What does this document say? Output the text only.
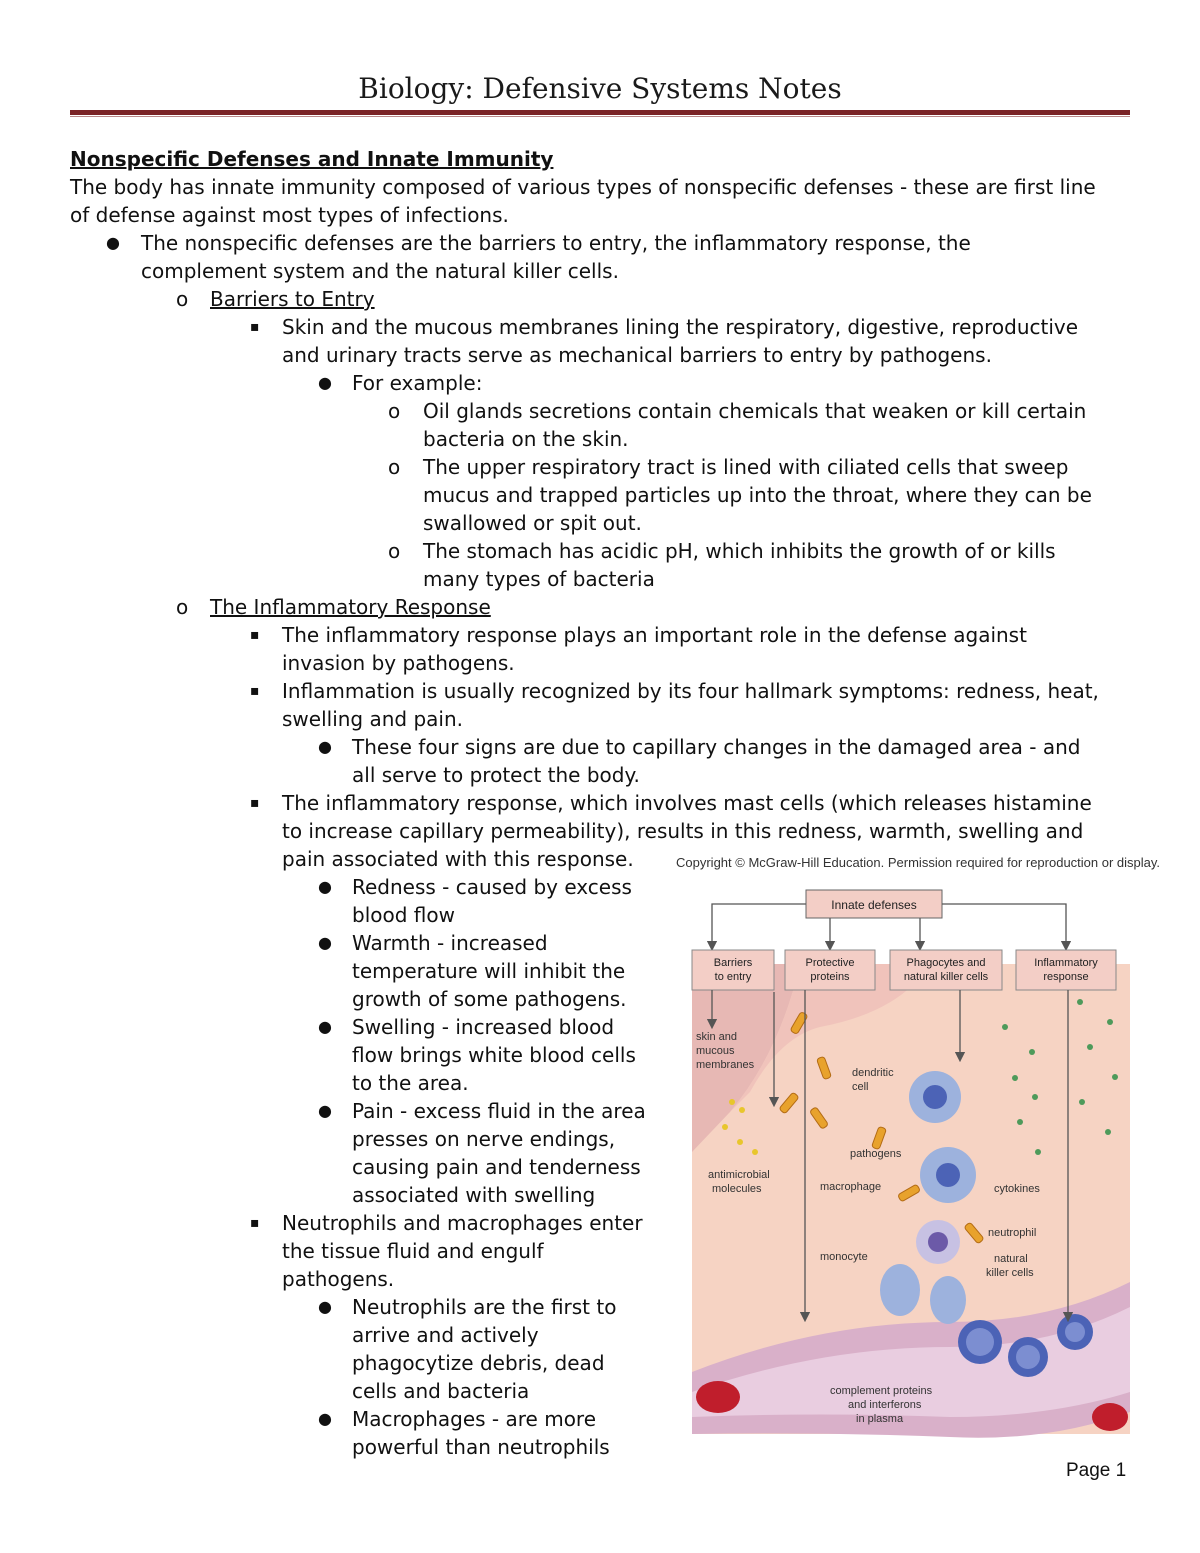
Biology: Defensive Systems Notes
Nonspecific Defenses and Innate Immunity
The body has innate immunity composed of various types of nonspecific defenses - these are first line
of defense against most types of infections.
● The nonspecific defenses are the barriers to entry, the inflammatory response, the
complement system and the natural killer cells.
o Barriers to Entry
▪ Skin and the mucous membranes lining the respiratory, digestive, reproductive
and urinary tracts serve as mechanical barriers to entry by pathogens.
● For example:
o Oil glands secretions contain chemicals that weaken or kill certain
bacteria on the skin.
o The upper respiratory tract is lined with ciliated cells that sweep
mucus and trapped particles up into the throat, where they can be
swallowed or spit out.
o The stomach has acidic pH, which inhibits the growth of or kills
many types of bacteria
o The Inflammatory Response
▪ The inflammatory response plays an important role in the defense against
invasion by pathogens.
▪ Inflammation is usually recognized by its four hallmark symptoms: redness, heat,
swelling and pain.
● These four signs are due to capillary changes in the damaged area - and
all serve to protect the body.
▪ The inflammatory response, which involves mast cells (which releases histamine
to increase capillary permeability), results in this redness, warmth, swelling and
pain associated with this response.
● Redness - caused by excess
blood flow
● Warmth - increased
temperature will inhibit the
growth of some pathogens.
● Swelling - increased blood
flow brings white blood cells
to the area.
● Pain - excess fluid in the area
presses on nerve endings,
causing pain and tenderness
associated with swelling
▪ Neutrophils and macrophages enter
the tissue fluid and engulf
pathogens.
● Neutrophils are the first to
arrive and actively
phagocytize debris, dead
cells and bacteria
● Macrophages - are more
powerful than neutrophils
Copyright © McGraw-Hill Education. Permission required for reproduction or display.
Innate defenses
Barriers
to entry
Protective
proteins
Phagocytes and
natural killer cells
Inflammatory
response
skin and mucous membranes
dendritic cell
pathogens
antimicrobial molecules	macrophage	cytokines
neutrophil
monocyte	natural killer cells
complement proteins and interferons in plasma
Page 1
